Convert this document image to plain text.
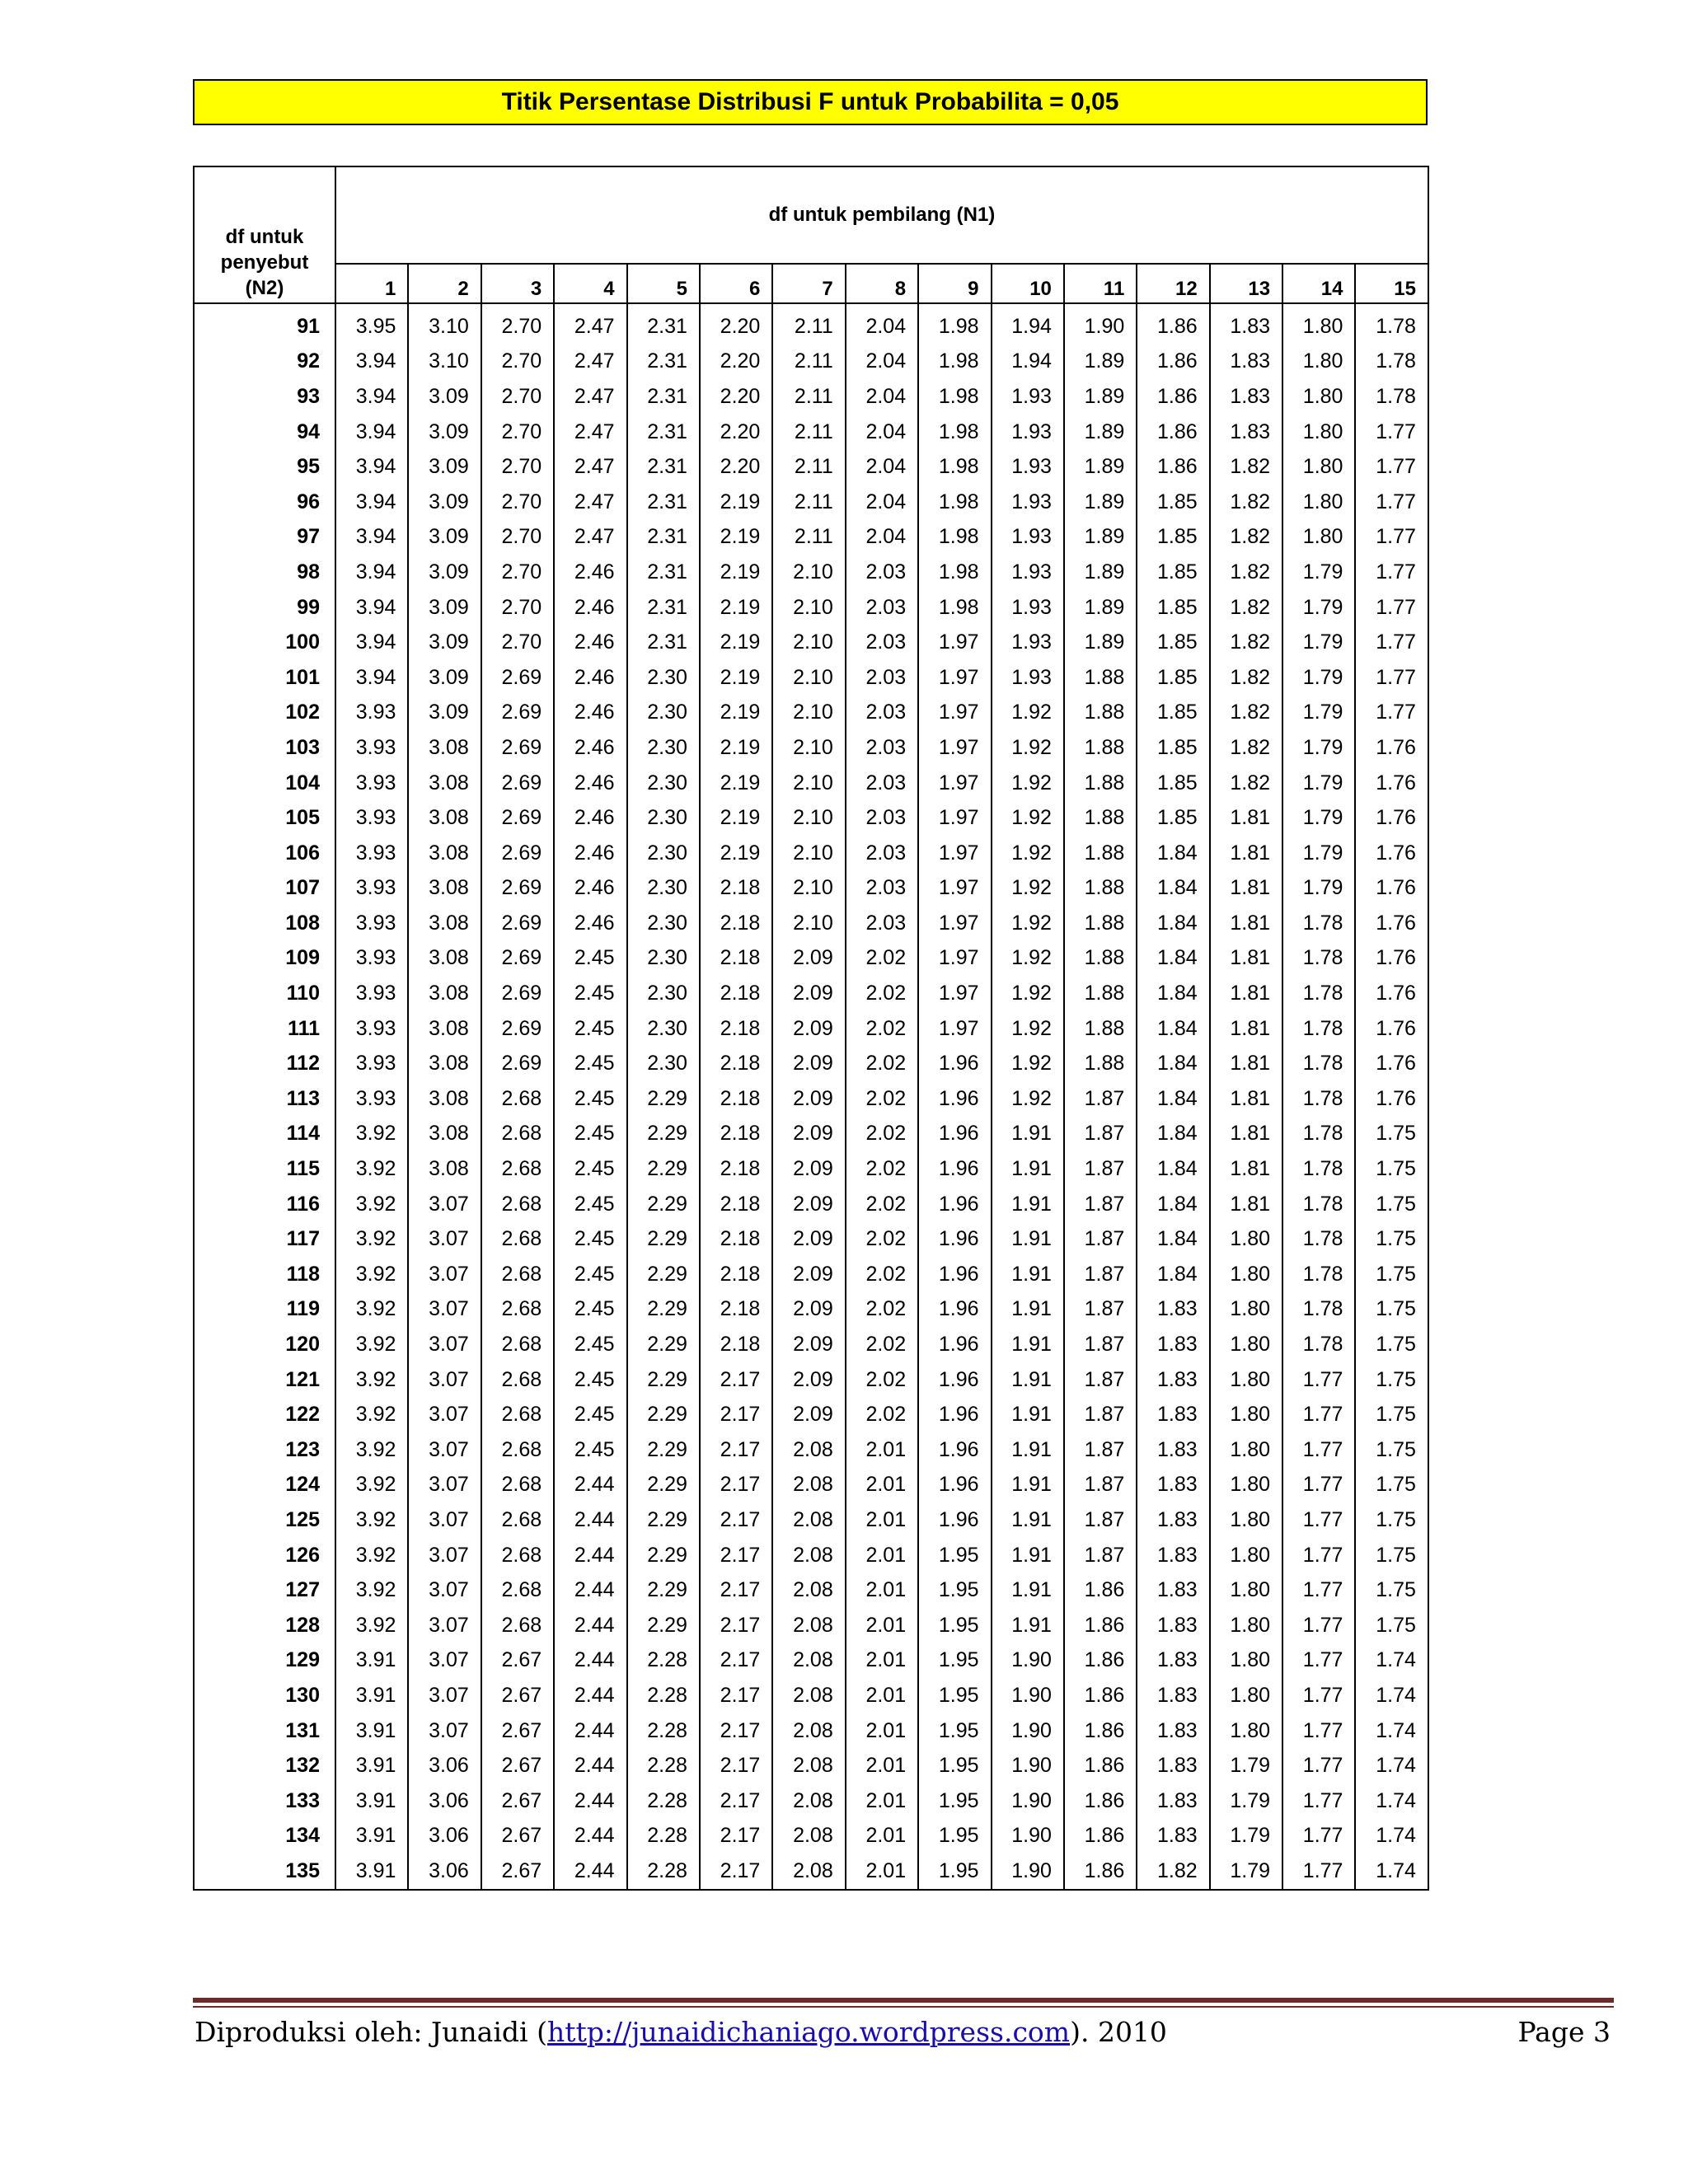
Titik Persentase Distribusi F untuk Probabilita = 0,05
df untuk
penyebut
(N2)	df untuk pembilang (N1)														
	1	2	3	4	5	6	7	8	9	10	11	12	13	14	15
91	3.95	3.10	2.70	2.47	2.31	2.20	2.11	2.04	1.98	1.94	1.90	1.86	1.83	1.80	1.78
92	3.94	3.10	2.70	2.47	2.31	2.20	2.11	2.04	1.98	1.94	1.89	1.86	1.83	1.80	1.78
93	3.94	3.09	2.70	2.47	2.31	2.20	2.11	2.04	1.98	1.93	1.89	1.86	1.83	1.80	1.78
94	3.94	3.09	2.70	2.47	2.31	2.20	2.11	2.04	1.98	1.93	1.89	1.86	1.83	1.80	1.77
95	3.94	3.09	2.70	2.47	2.31	2.20	2.11	2.04	1.98	1.93	1.89	1.86	1.82	1.80	1.77
96	3.94	3.09	2.70	2.47	2.31	2.19	2.11	2.04	1.98	1.93	1.89	1.85	1.82	1.80	1.77
97	3.94	3.09	2.70	2.47	2.31	2.19	2.11	2.04	1.98	1.93	1.89	1.85	1.82	1.80	1.77
98	3.94	3.09	2.70	2.46	2.31	2.19	2.10	2.03	1.98	1.93	1.89	1.85	1.82	1.79	1.77
99	3.94	3.09	2.70	2.46	2.31	2.19	2.10	2.03	1.98	1.93	1.89	1.85	1.82	1.79	1.77
100	3.94	3.09	2.70	2.46	2.31	2.19	2.10	2.03	1.97	1.93	1.89	1.85	1.82	1.79	1.77
101	3.94	3.09	2.69	2.46	2.30	2.19	2.10	2.03	1.97	1.93	1.88	1.85	1.82	1.79	1.77
102	3.93	3.09	2.69	2.46	2.30	2.19	2.10	2.03	1.97	1.92	1.88	1.85	1.82	1.79	1.77
103	3.93	3.08	2.69	2.46	2.30	2.19	2.10	2.03	1.97	1.92	1.88	1.85	1.82	1.79	1.76
104	3.93	3.08	2.69	2.46	2.30	2.19	2.10	2.03	1.97	1.92	1.88	1.85	1.82	1.79	1.76
105	3.93	3.08	2.69	2.46	2.30	2.19	2.10	2.03	1.97	1.92	1.88	1.85	1.81	1.79	1.76
106	3.93	3.08	2.69	2.46	2.30	2.19	2.10	2.03	1.97	1.92	1.88	1.84	1.81	1.79	1.76
107	3.93	3.08	2.69	2.46	2.30	2.18	2.10	2.03	1.97	1.92	1.88	1.84	1.81	1.79	1.76
108	3.93	3.08	2.69	2.46	2.30	2.18	2.10	2.03	1.97	1.92	1.88	1.84	1.81	1.78	1.76
109	3.93	3.08	2.69	2.45	2.30	2.18	2.09	2.02	1.97	1.92	1.88	1.84	1.81	1.78	1.76
110	3.93	3.08	2.69	2.45	2.30	2.18	2.09	2.02	1.97	1.92	1.88	1.84	1.81	1.78	1.76
111	3.93	3.08	2.69	2.45	2.30	2.18	2.09	2.02	1.97	1.92	1.88	1.84	1.81	1.78	1.76
112	3.93	3.08	2.69	2.45	2.30	2.18	2.09	2.02	1.96	1.92	1.88	1.84	1.81	1.78	1.76
113	3.93	3.08	2.68	2.45	2.29	2.18	2.09	2.02	1.96	1.92	1.87	1.84	1.81	1.78	1.76
114	3.92	3.08	2.68	2.45	2.29	2.18	2.09	2.02	1.96	1.91	1.87	1.84	1.81	1.78	1.75
115	3.92	3.08	2.68	2.45	2.29	2.18	2.09	2.02	1.96	1.91	1.87	1.84	1.81	1.78	1.75
116	3.92	3.07	2.68	2.45	2.29	2.18	2.09	2.02	1.96	1.91	1.87	1.84	1.81	1.78	1.75
117	3.92	3.07	2.68	2.45	2.29	2.18	2.09	2.02	1.96	1.91	1.87	1.84	1.80	1.78	1.75
118	3.92	3.07	2.68	2.45	2.29	2.18	2.09	2.02	1.96	1.91	1.87	1.84	1.80	1.78	1.75
119	3.92	3.07	2.68	2.45	2.29	2.18	2.09	2.02	1.96	1.91	1.87	1.83	1.80	1.78	1.75
120	3.92	3.07	2.68	2.45	2.29	2.18	2.09	2.02	1.96	1.91	1.87	1.83	1.80	1.78	1.75
121	3.92	3.07	2.68	2.45	2.29	2.17	2.09	2.02	1.96	1.91	1.87	1.83	1.80	1.77	1.75
122	3.92	3.07	2.68	2.45	2.29	2.17	2.09	2.02	1.96	1.91	1.87	1.83	1.80	1.77	1.75
123	3.92	3.07	2.68	2.45	2.29	2.17	2.08	2.01	1.96	1.91	1.87	1.83	1.80	1.77	1.75
124	3.92	3.07	2.68	2.44	2.29	2.17	2.08	2.01	1.96	1.91	1.87	1.83	1.80	1.77	1.75
125	3.92	3.07	2.68	2.44	2.29	2.17	2.08	2.01	1.96	1.91	1.87	1.83	1.80	1.77	1.75
126	3.92	3.07	2.68	2.44	2.29	2.17	2.08	2.01	1.95	1.91	1.87	1.83	1.80	1.77	1.75
127	3.92	3.07	2.68	2.44	2.29	2.17	2.08	2.01	1.95	1.91	1.86	1.83	1.80	1.77	1.75
128	3.92	3.07	2.68	2.44	2.29	2.17	2.08	2.01	1.95	1.91	1.86	1.83	1.80	1.77	1.75
129	3.91	3.07	2.67	2.44	2.28	2.17	2.08	2.01	1.95	1.90	1.86	1.83	1.80	1.77	1.74
130	3.91	3.07	2.67	2.44	2.28	2.17	2.08	2.01	1.95	1.90	1.86	1.83	1.80	1.77	1.74
131	3.91	3.07	2.67	2.44	2.28	2.17	2.08	2.01	1.95	1.90	1.86	1.83	1.80	1.77	1.74
132	3.91	3.06	2.67	2.44	2.28	2.17	2.08	2.01	1.95	1.90	1.86	1.83	1.79	1.77	1.74
133	3.91	3.06	2.67	2.44	2.28	2.17	2.08	2.01	1.95	1.90	1.86	1.83	1.79	1.77	1.74
134	3.91	3.06	2.67	2.44	2.28	2.17	2.08	2.01	1.95	1.90	1.86	1.83	1.79	1.77	1.74
135	3.91	3.06	2.67	2.44	2.28	2.17	2.08	2.01	1.95	1.90	1.86	1.82	1.79	1.77	1.74
Diproduksi oleh: Junaidi (http://junaidichaniago.wordpress.com). 2010	Page 3
